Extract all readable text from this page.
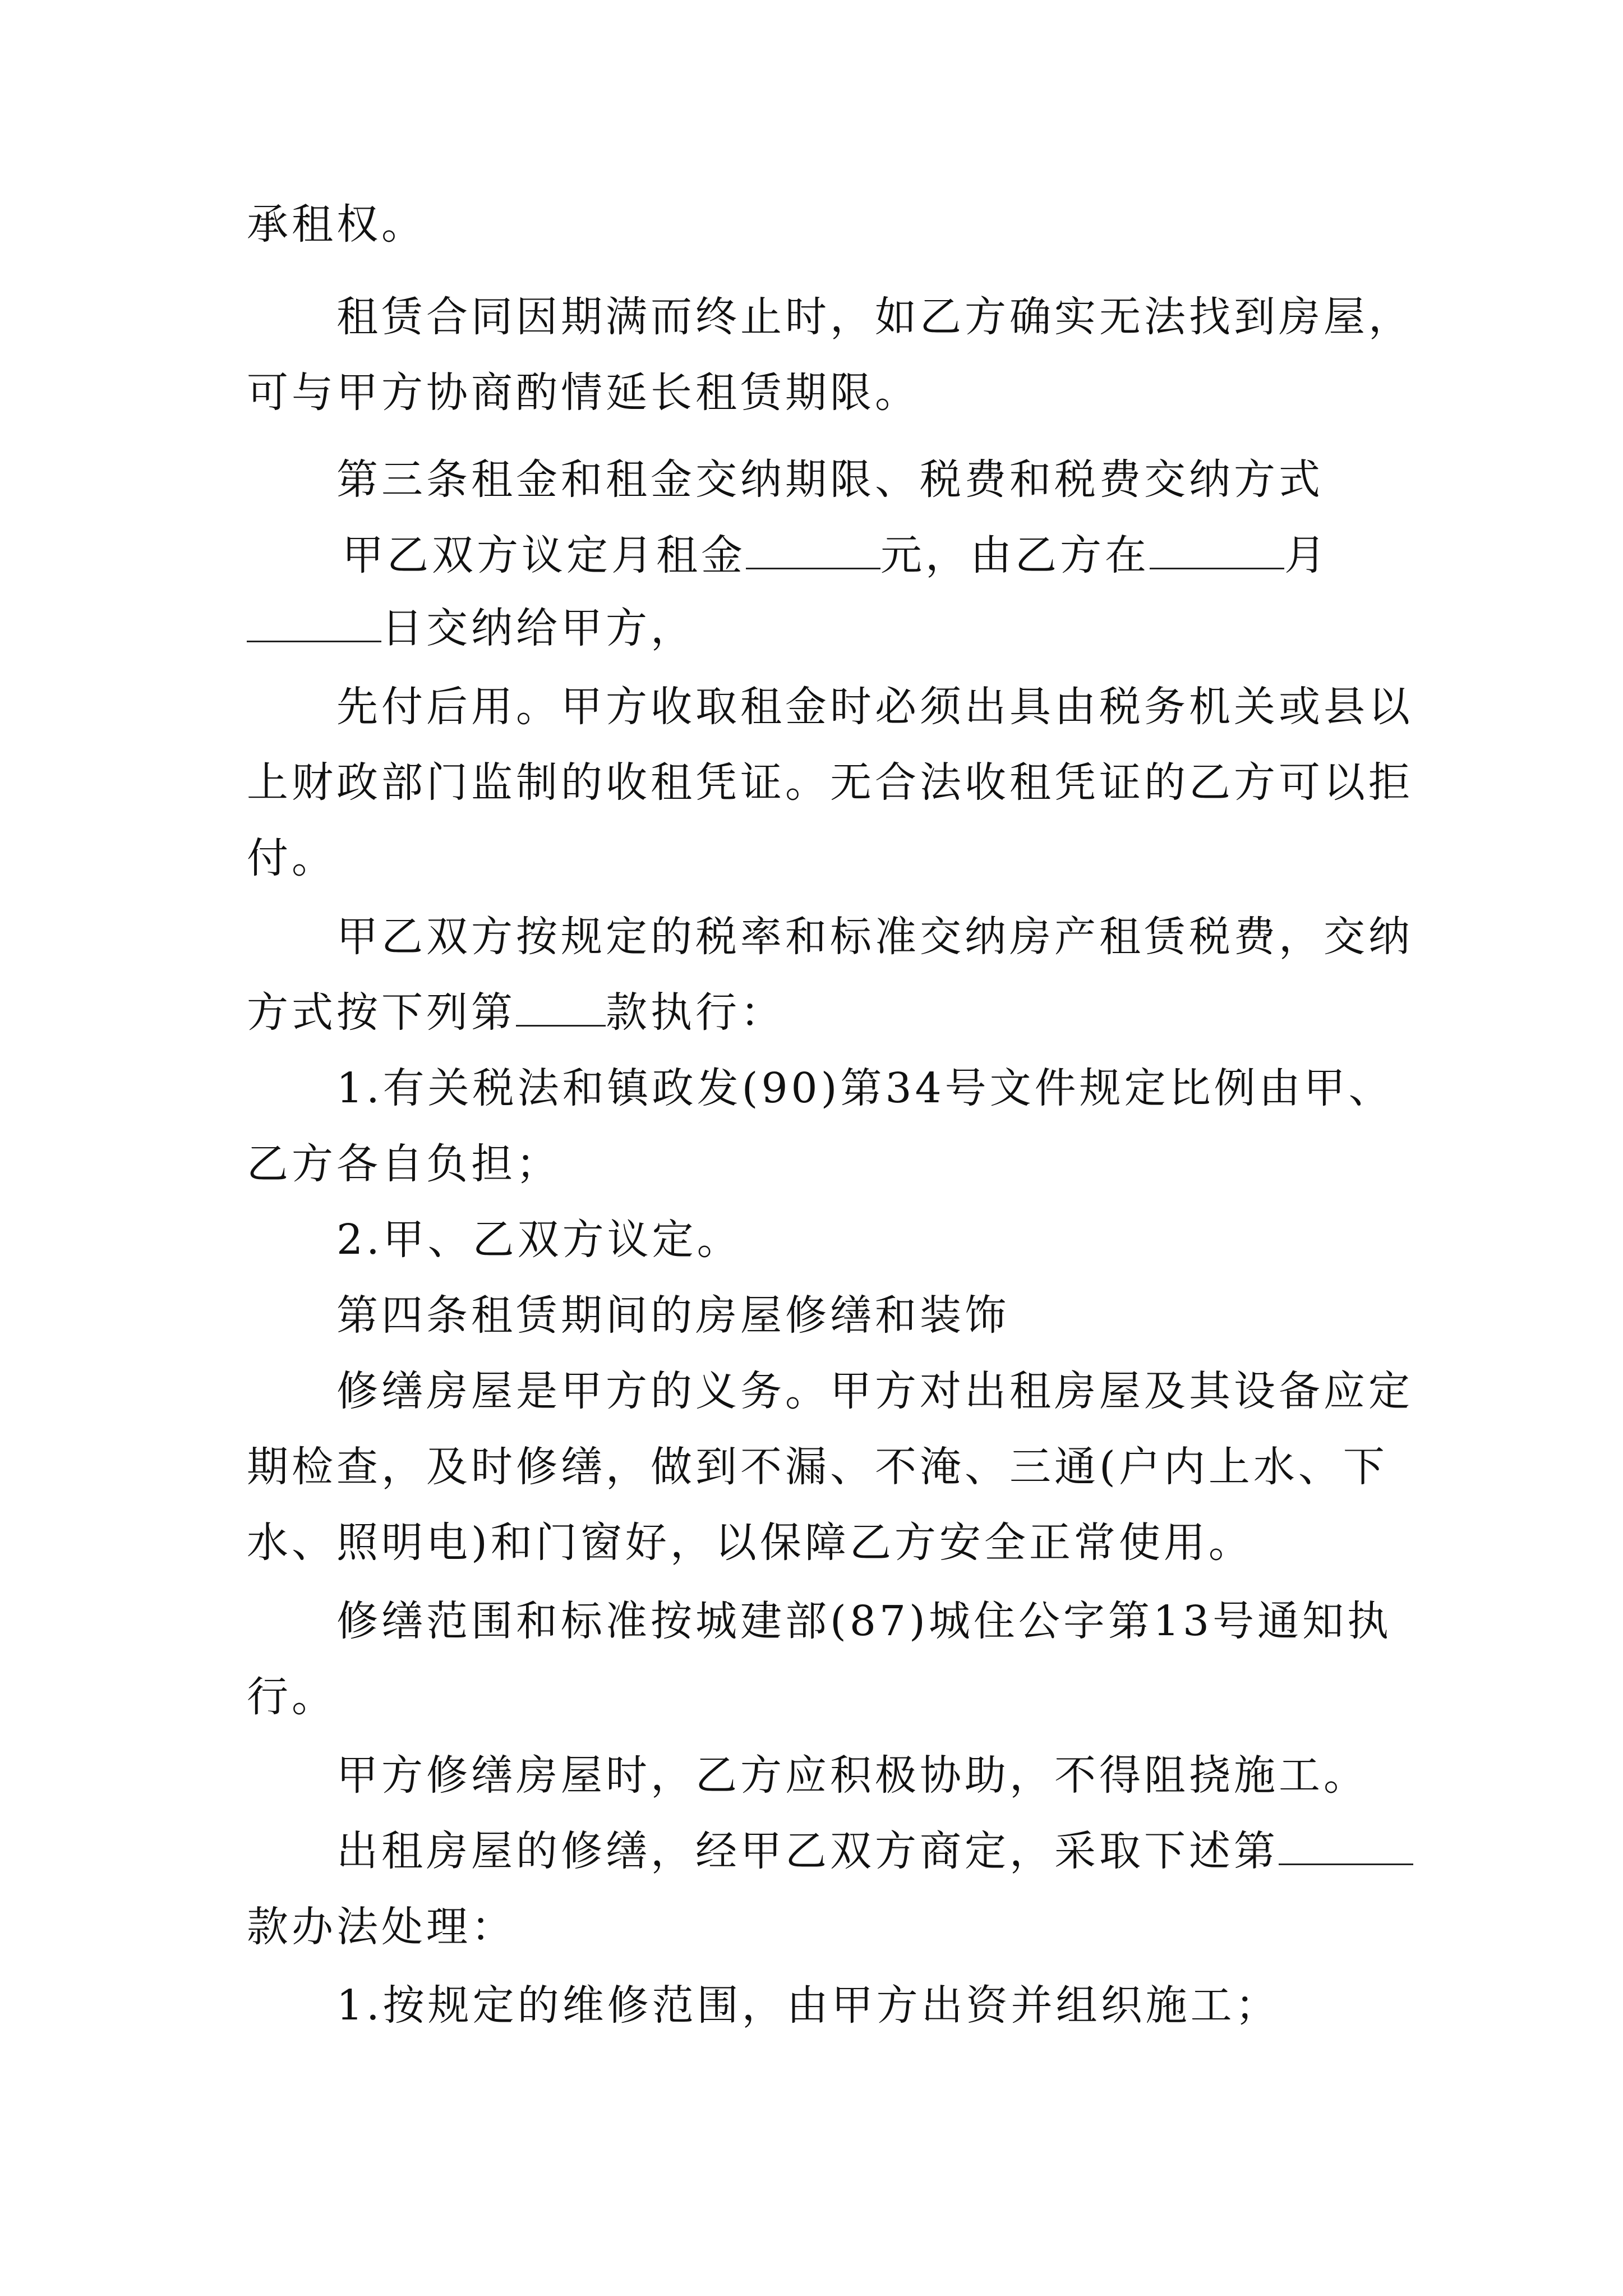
承租权。
租赁合同因期满而终止时，如乙方确实无法找到房屋，
可与甲方协商酌情延长租赁期限。
第三条租金和租金交纳期限、税费和税费交纳方式
甲乙双方议定月租金	元，由乙方在	月
日交纳给甲方，
先付后用。甲方收取租金时必须出具由税务机关或县以
上财政部门监制的收租凭证。无合法收租凭证的乙方可以拒
付。
甲乙双方按规定的税率和标准交纳房产租赁税费，交纳
方式按下列第 款执行：
1.有关税法和镇政发(90)第34号文件规定比例由甲、
乙方各自负担；
2.甲、乙双方议定。
第四条租赁期间的房屋修缮和装饰
修缮房屋是甲方的义务。甲方对出租房屋及其设备应定
期检查，及时修缮，做到不漏、不淹、三通(户内上水、下
水、照明电)和门窗好，以保障乙方安全正常使用。
修缮范围和标准按城建部(87)城住公字第13号通知执
行。
甲方修缮房屋时，乙方应积极协助，不得阻挠施工。
出租房屋的修缮，经甲乙双方商定，采取下述第
款办法处理：
1.按规定的维修范围，由甲方出资并组织施工；
